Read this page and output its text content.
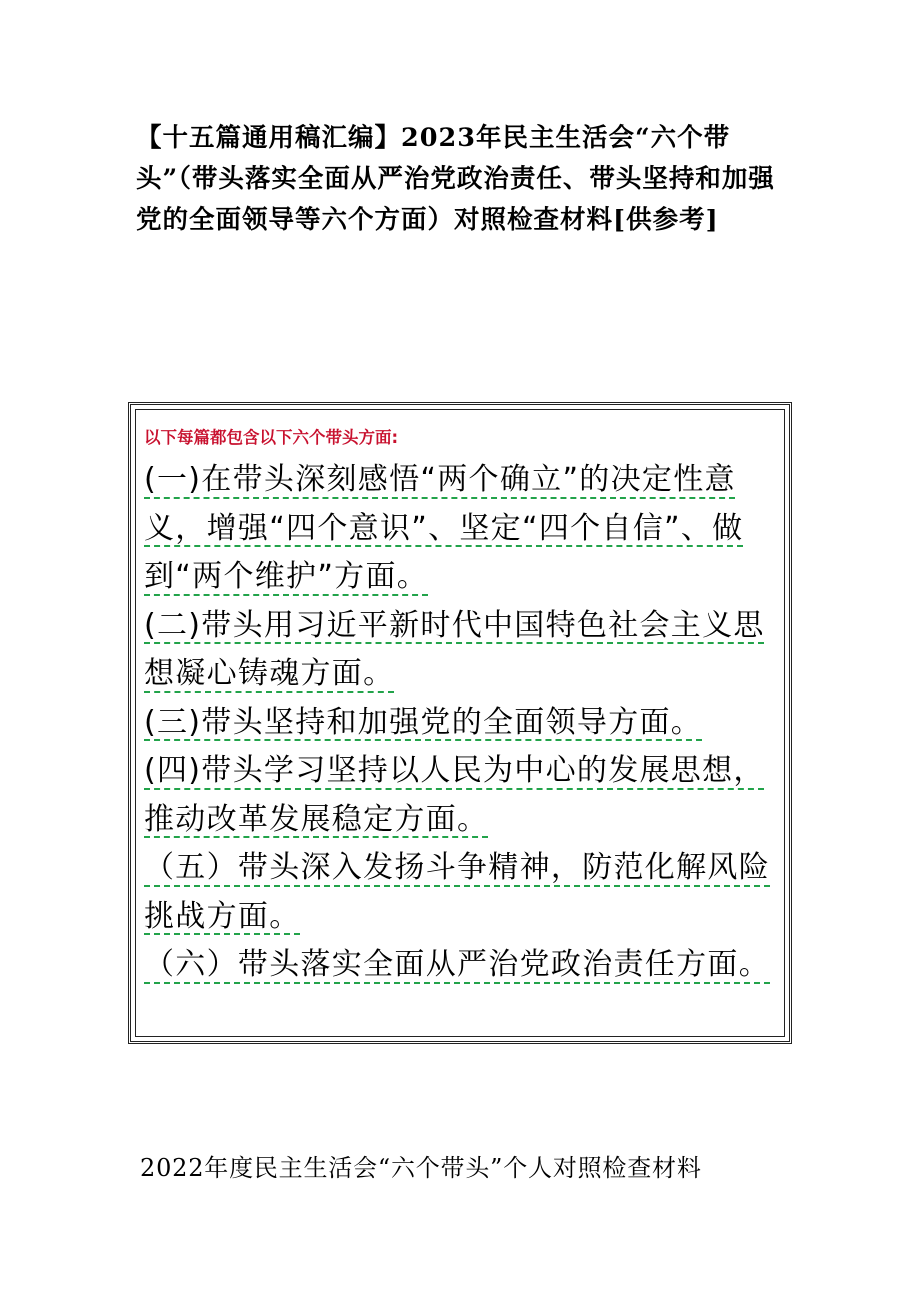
【十五篇通用稿汇编】2023年民主生活会“六个带头”（带头落实全面从严治党政治责任、带头坚持和加强党的全面领导等六个方面）对照检查材料[供参考]

以下每篇都包含以下六个带头方面:

(一)在带头深刻感悟“两个确立”的决定性意义，增强“四个意识”、坚定“四个自信”、做到“两个维护”方面。
(二)带头用习近平新时代中国特色社会主义思想凝心铸魂方面。
(三)带头坚持和加强党的全面领导方面。
(四)带头学习坚持以人民为中心的发展思想，推动改革发展稳定方面。
（五）带头深入发扬斗争精神，防范化解风险挑战方面。
（六）带头落实全面从严治党政治责任方面。

2022年度民主生活会“六个带头”个人对照检查材料
